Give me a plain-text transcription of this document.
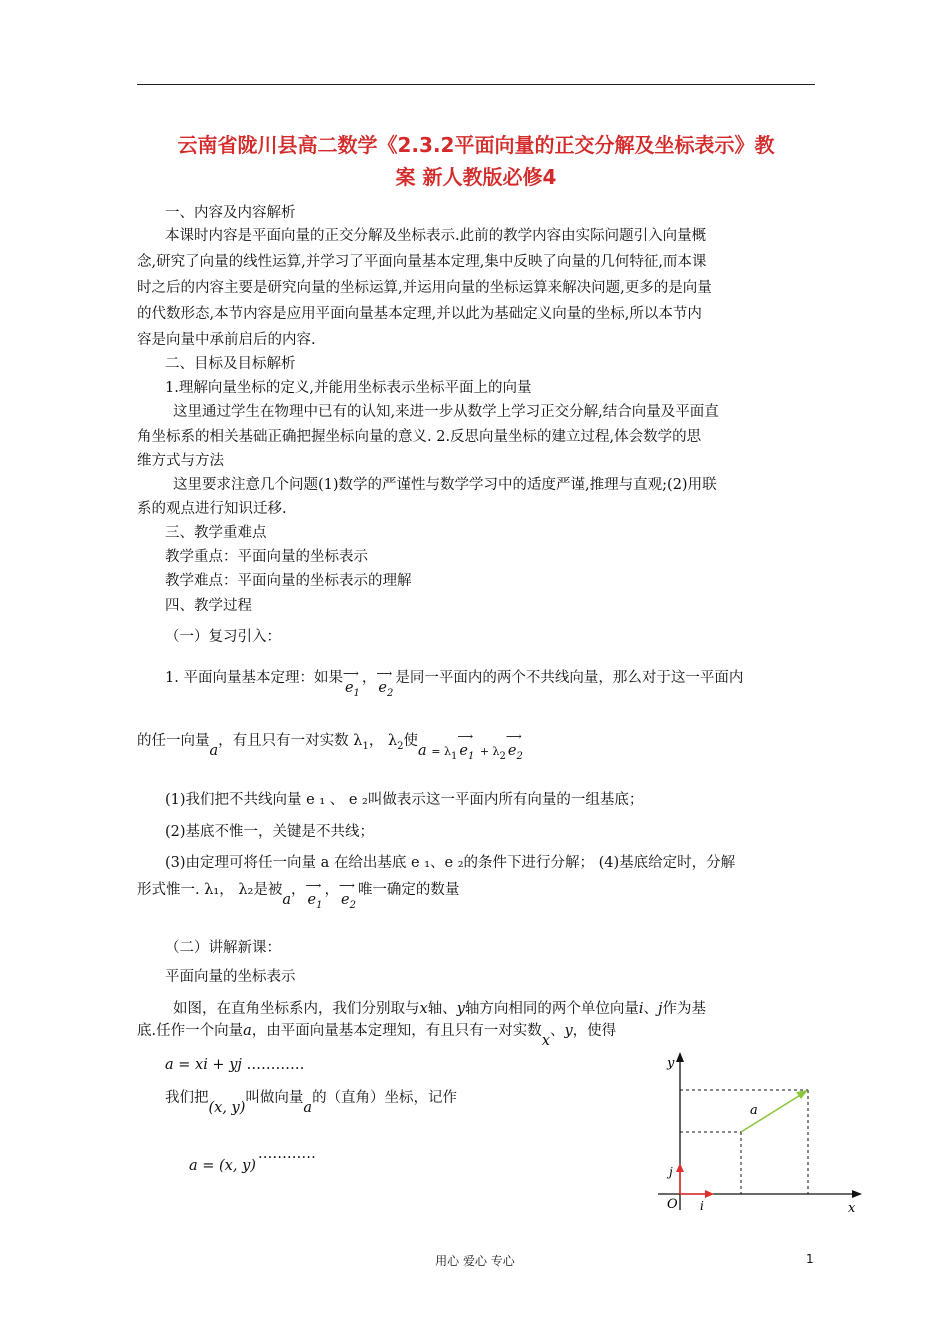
云南省陇川县高二数学《2.3.2平面向量的正交分解及坐标表示》教
案 新人教版必修4
一、内容及内容解析
本课时内容是平面向量的正交分解及坐标表示.此前的教学内容由实际问题引入向量概
念,研究了向量的线性运算,并学习了平面向量基本定理,集中反映了向量的几何特征,而本课
时之后的内容主要是研究向量的坐标运算,并运用向量的坐标运算来解决问题,更多的是向量
的代数形态,本节内容是应用平面向量基本定理,并以此为基础定义向量的坐标,所以本节内
容是向量中承前启后的内容.
二、目标及目标解析
1.理解向量坐标的定义,并能用坐标表示坐标平面上的向量
这里通过学生在物理中已有的认知,来进一步从数学上学习正交分解,结合向量及平面直
角坐标系的相关基础正确把握坐标向量的意义. 2.反思向量坐标的建立过程,体会数学的思
维方式与方法
这里要求注意几个问题(1)数学的严谨性与数学学习中的适度严谨,推理与直观;(2)用联
系的观点进行知识迁移.
三、教学重难点
教学重点：平面向量的坐标表示
教学难点：平面向量的坐标表示的理解
四、教学过程
（一）复习引入：
1. 平面向量基本定理：如果⟶ $e_1$，⟶ $e_2$是同一平面内的两个不共线向量，那么对于这一平面内
的任一向量a，有且只有一对实数 $\lambda_1$， $\lambda_2$使$a = \lambda_1⟶$ $e_1$ + $\lambda_2⟶$ $e_2$
(1)我们把不共线向量 e ₁ 、 e ₂叫做表示这一平面内所有向量的一组基底；
(2)基底不惟一，关键是不共线；
(3)由定理可将任一向量 a 在给出基底 e ₁、e ₂的条件下进行分解； (4)基底给定时，分解
形式惟一. λ₁， λ₂是被a，⟶ $e_1$，⟶ $e_2$唯一确定的数量
（二）讲解新课：
平面向量的坐标表示
如图，在直角坐标系内，我们分别取与x轴、y轴方向相同的两个单位向量i、j作为基
底.任作一个向量a，由平面向量基本定理知，有且只有一对实数x、y，使得
a = xi + yj …………
我们把(x, y)叫做向量a的（直角）坐标，记作
a = (x, y)…………
y
x
O i
j
a
用心 爱心 专心	1
